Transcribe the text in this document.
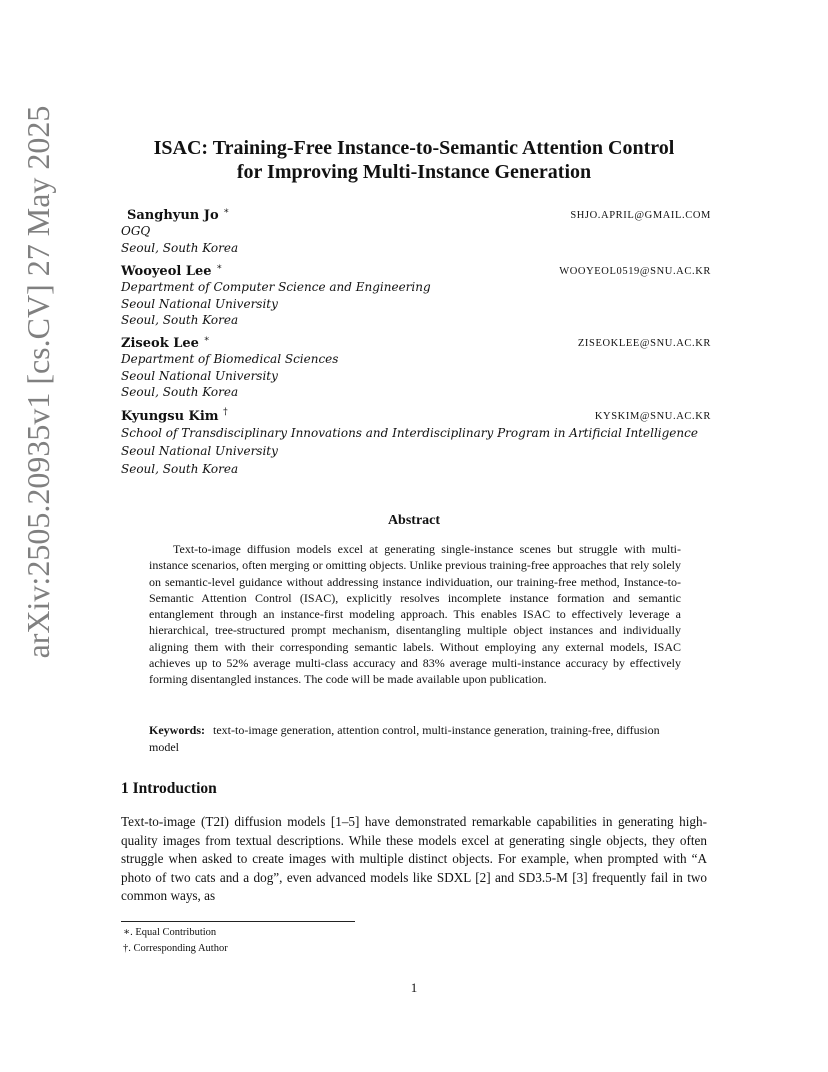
arXiv:2505.20935v1 [cs.CV] 27 May 2025	ISAC: Training-Free Instance-to-Semantic Attention Control
for Improving Multi-Instance Generation
Sanghyun Jo ∗	SHJO.APRIL@GMAIL.COM
OGQ
Seoul, South Korea
Wooyeol Lee ∗	WOOYEOL0519@SNU.AC.KR
Department of Computer Science and Engineering
Seoul National University
Seoul, South Korea
Ziseok Lee ∗	ZISEOKLEE@SNU.AC.KR
Department of Biomedical Sciences
Seoul National University
Seoul, South Korea
Kyungsu Kim †	KYSKIM@SNU.AC.KR
School of Transdisciplinary Innovations and Interdisciplinary Program in Artificial Intelligence
Seoul National University
Seoul, South Korea
Abstract
Text-to-image diffusion models excel at generating single-instance scenes but struggle with multi-instance scenarios, often merging or omitting objects. Unlike previous training-free approaches that rely solely on semantic-level guidance without addressing instance individuation, our training-free method, Instance-to-Semantic Attention Control (ISAC), explicitly resolves incomplete instance formation and semantic entanglement through an instance-first modeling approach. This enables ISAC to effectively leverage a hierarchical, tree-structured prompt mechanism, disentangling multiple object instances and individually aligning them with their corresponding semantic labels. Without employing any external models, ISAC achieves up to 52% average multi-class accuracy and 83% average multi-instance accuracy by effectively forming disentangled instances. The code will be made available upon publication.
Keywords: text-to-image generation, attention control, multi-instance generation, training-free, diffusion model
1 Introduction
Text-to-image (T2I) diffusion models [1–5] have demonstrated remarkable capabilities in generating high-quality images from textual descriptions. While these models excel at generating single objects, they often struggle when asked to create images with multiple distinct objects. For example, when prompted with “A photo of two cats and a dog”, even advanced models like SDXL [2] and SD3.5-M [3] frequently fail in two common ways, as
∗. Equal Contribution
†. Corresponding Author
1
